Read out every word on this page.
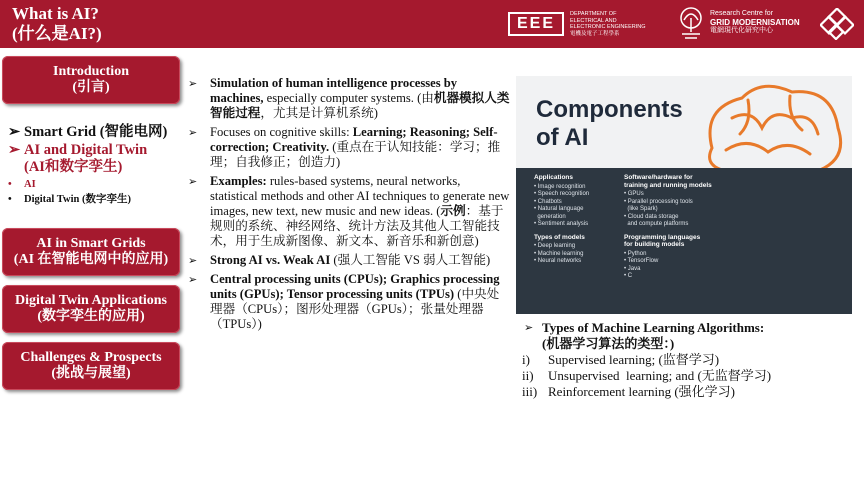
What is AI?
(什么是AI?)
EEE
DEPARTMENT OF
ELECTRICAL AND
ELECTRONIC ENGINEERING
電機及電子工程學系
Research Centre for
GRID MODERNISATION
電網現代化研究中心
Introduction
(引言)
➢ Smart Grid (智能电网)
➢ AI and Digital Twin
(AI和数字孪生)
• AI
• Digital Twin (数字孪生)
AI in Smart Grids
(AI 在智能电网中的应用)
Digital Twin Applications
(数字孪生的应用)
Challenges & Prospects
(挑战与展望)
➢	Simulation of human intelligence processes by machines, especially computer systems. (由机器模拟人类智能过程，尤其是计算机系统)
➢	Focuses on cognitive skills: Learning; Reasoning; Self-correction; Creativity. (重点在于认知技能：学习；推理；自我修正；创造力)
➢	Examples: rules-based systems, neural networks, statistical methods and other AI techniques to generate new images, new text, new music and new ideas. (示例：基于规则的系统、神经网络、统计方法及其他人工智能技术，用于生成新图像、新文本、新音乐和新创意)
➢	Strong AI vs. Weak AI (强人工智能 VS 弱人工智能)
➢	Central processing units (CPUs); Graphics processing units (GPUs); Tensor processing units (TPUs) (中央处理器（CPUs）；图形处理器（GPUs）；张量处理器（TPUs）)
Components
of AI
Applications
• Image recognition
• Speech recognition
• Chatbots
• Natural language
generation
• Sentiment analysis
Types of models
• Deep learning
• Machine learning
• Neural networks
Software/hardware for
training and running models
• GPUs
• Parallel processing tools
(like Spark)
• Cloud data storage
and compute platforms
Programming languages
for building models
• Python
• TensorFlow
• Java
• C
➢ Types of Machine Learning Algorithms:
(机器学习算法的类型：)
i)	Supervised learning; (监督学习)
ii)	Unsupervised  learning; and (无监督学习)
iii) Reinforcement learning (强化学习)
